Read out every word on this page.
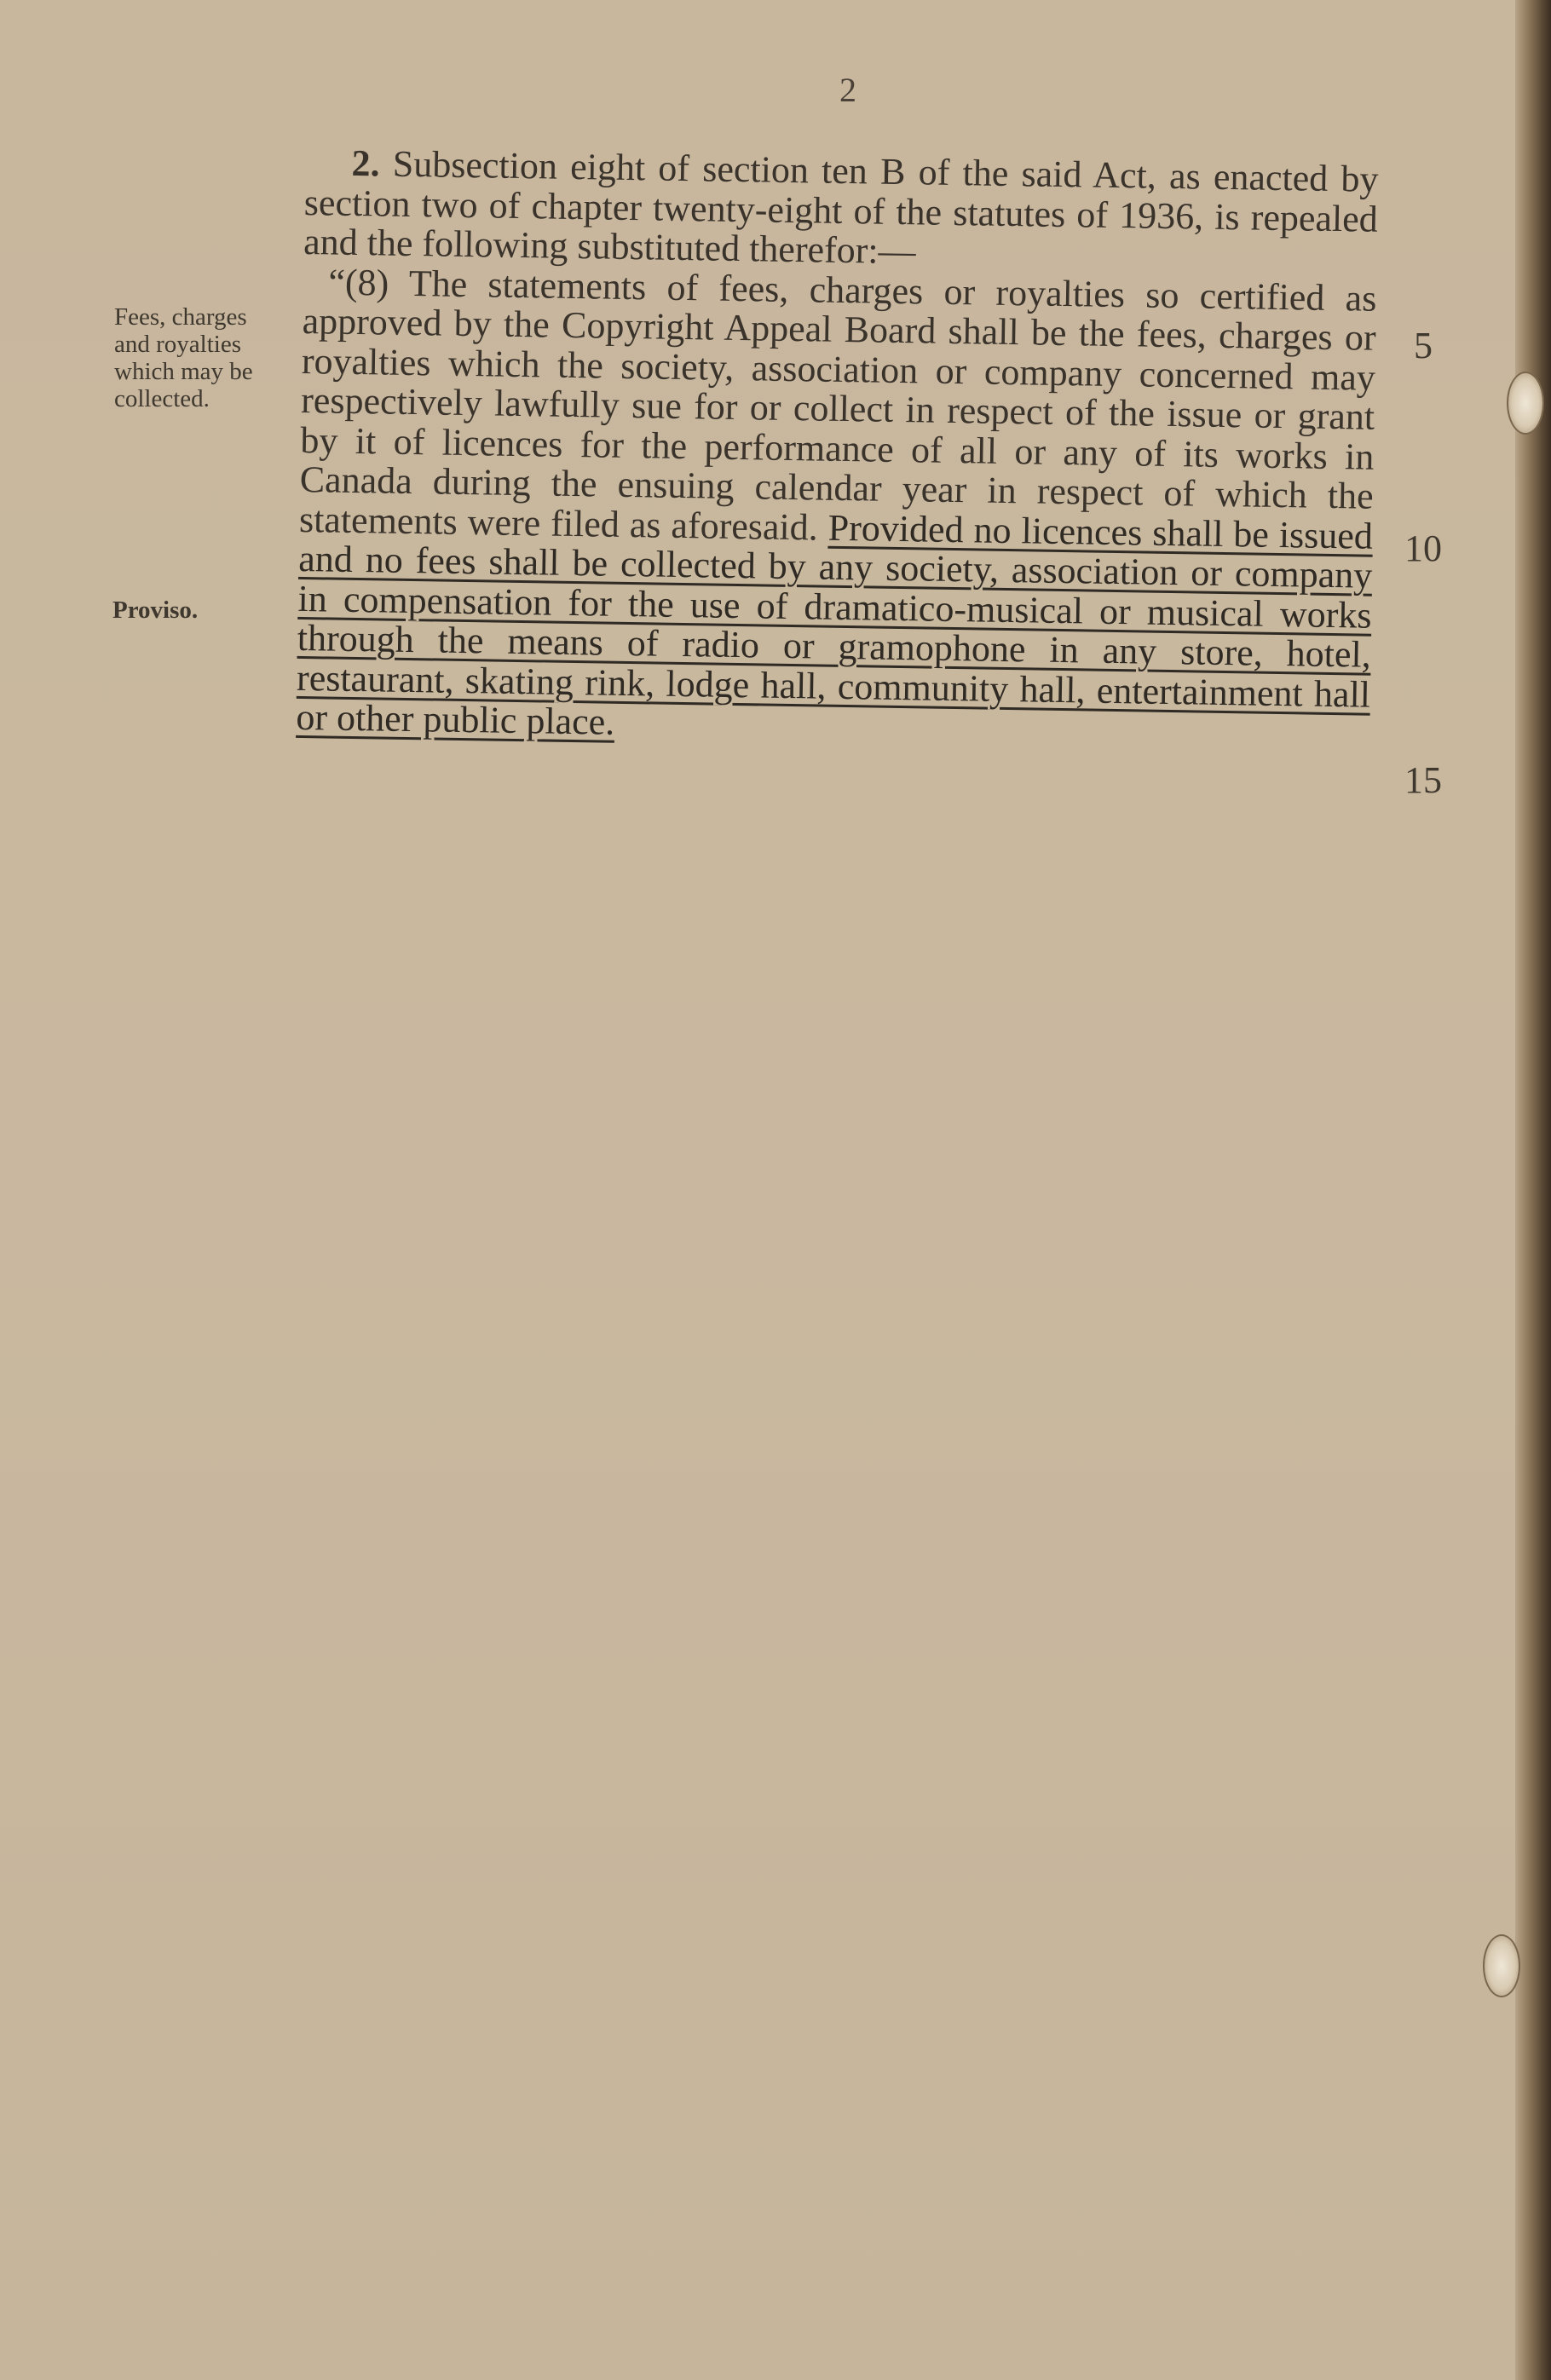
2
Fees, charges and royalties which may be collected.
Proviso.

2. Subsection eight of section ten B of the said Act, as enacted by section two of chapter twenty-eight of the statutes of 1936, is repealed and the following substituted therefor:—

“(8) The statements of fees, charges or royalties so certified as approved by the Copyright Appeal Board shall be the fees, charges or royalties which the society, association or company concerned may respectively lawfully sue for or collect in respect of the issue or grant by it of licences for the performance of all or any of its works in Canada during the ensuing calendar year in respect of which the statements were filed as aforesaid. Provided no licences shall be issued and no fees shall be collected by any society, association or company in compensation for the use of dramatico-musical or musical works through the means of radio or gramophone in any store, hotel, restaurant, skating rink, lodge hall, community hall, entertainment hall or other public place.

5
10
15
